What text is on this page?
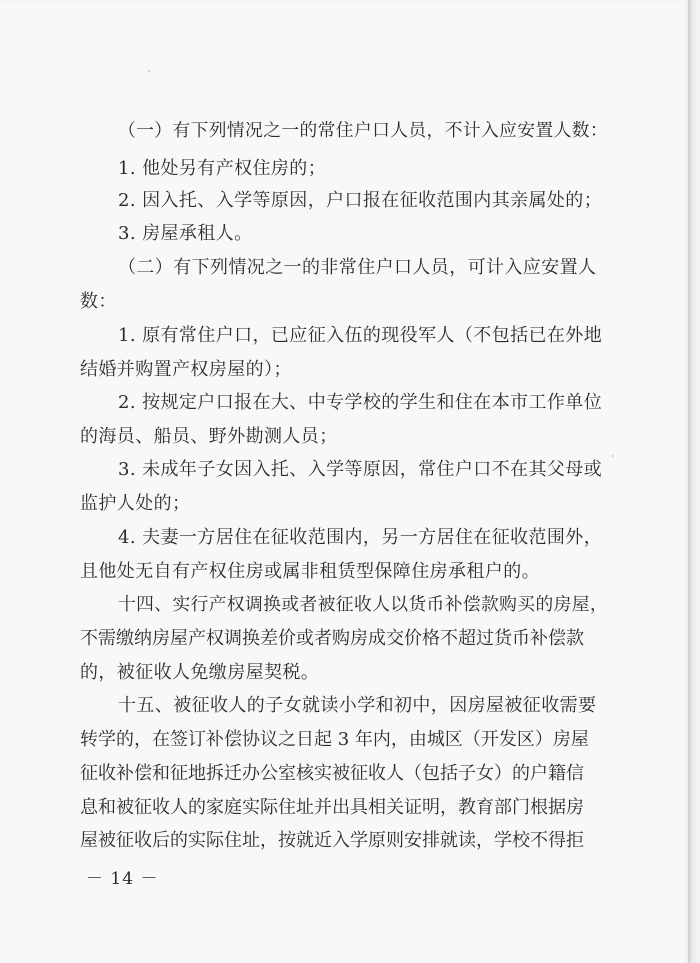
（一）有下列情况之一的常住户口人员，不计入应安置人数：
1. 他处另有产权住房的；
2. 因入托、入学等原因，户口报在征收范围内其亲属处的；
3. 房屋承租人。
（二）有下列情况之一的非常住户口人员，可计入应安置人
数：
1. 原有常住户口，已应征入伍的现役军人（不包括已在外地
结婚并购置产权房屋的）；
2. 按规定户口报在大、中专学校的学生和住在本市工作单位
的海员、船员、野外勘测人员；
3. 未成年子女因入托、入学等原因，常住户口不在其父母或
监护人处的；
4. 夫妻一方居住在征收范围内，另一方居住在征收范围外，
且他处无自有产权住房或属非租赁型保障住房承租户的。
十四、实行产权调换或者被征收人以货币补偿款购买的房屋，
不需缴纳房屋产权调换差价或者购房成交价格不超过货币补偿款
的，被征收人免缴房屋契税。
十五、被征收人的子女就读小学和初中，因房屋被征收需要
转学的，在签订补偿协议之日起 3 年内，由城区（开发区）房屋
征收补偿和征地拆迁办公室核实被征收人（包括子女）的户籍信
息和被征收人的家庭实际住址并出具相关证明，教育部门根据房
屋被征收后的实际住址，按就近入学原则安排就读，学校不得拒
－ 14 －
